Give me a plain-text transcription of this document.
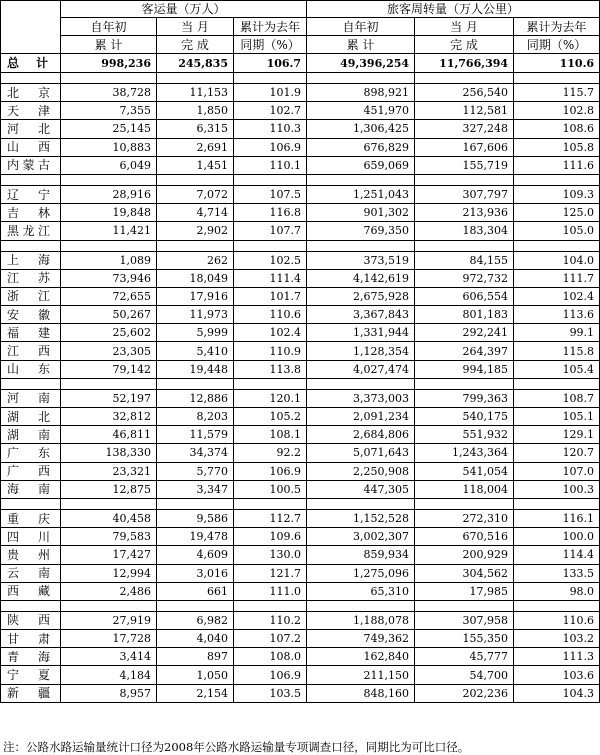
	客运量（万人）			旅客周转量（万人公里）		
	自年初	当 月	累计为去年	自年初	当 月	累计为去年
	累 计	完 成	同期（%）	累 计	完 成	同期（%）
总计	998,236	245,835	106.7	49,396,254	11,766,394	110.6

北京	38,728	11,153	101.9	898,921	256,540	115.7
天津	7,355	1,850	102.7	451,970	112,581	102.8
河北	25,145	6,315	110.3	1,306,425	327,248	108.6
山西	10,883	2,691	106.9	676,829	167,606	105.8
内蒙古	6,049	1,451	110.1	659,069	155,719	111.6

辽宁	28,916	7,072	107.5	1,251,043	307,797	109.3
吉林	19,848	4,714	116.8	901,302	213,936	125.0
黑龙江	11,421	2,902	107.7	769,350	183,304	105.0

上海	1,089	262	102.5	373,519	84,155	104.0
江苏	73,946	18,049	111.4	4,142,619	972,732	111.7
浙江	72,655	17,916	101.7	2,675,928	606,554	102.4
安徽	50,267	11,973	110.6	3,367,843	801,183	113.6
福建	25,602	5,999	102.4	1,331,944	292,241	99.1
江西	23,305	5,410	110.9	1,128,354	264,397	115.8
山东	79,142	19,448	113.8	4,027,474	994,185	105.4

河南	52,197	12,886	120.1	3,373,003	799,363	108.7
湖北	32,812	8,203	105.2	2,091,234	540,175	105.1
湖南	46,811	11,579	108.1	2,684,806	551,932	129.1
广东	138,330	34,374	92.2	5,071,643	1,243,364	120.7
广西	23,321	5,770	106.9	2,250,908	541,054	107.0
海南	12,875	3,347	100.5	447,305	118,004	100.3

重庆	40,458	9,586	112.7	1,152,528	272,310	116.1
四川	79,583	19,478	109.6	3,002,307	670,516	100.0
贵州	17,427	4,609	130.0	859,934	200,929	114.4
云南	12,994	3,016	121.7	1,275,096	304,562	133.5
西藏	2,486	661	111.0	65,310	17,985	98.0

陕西	27,919	6,982	110.2	1,188,078	307,958	110.6
甘肃	17,728	4,040	107.2	749,362	155,350	103.2
青海	3,414	897	108.0	162,840	45,777	111.3
宁夏	4,184	1,050	106.9	211,150	54,700	103.6
新疆	8,957	2,154	103.5	848,160	202,236	104.3
注：公路水路运输量统计口径为2008年公路水路运输量专项调查口径，同期比为可比口径。
